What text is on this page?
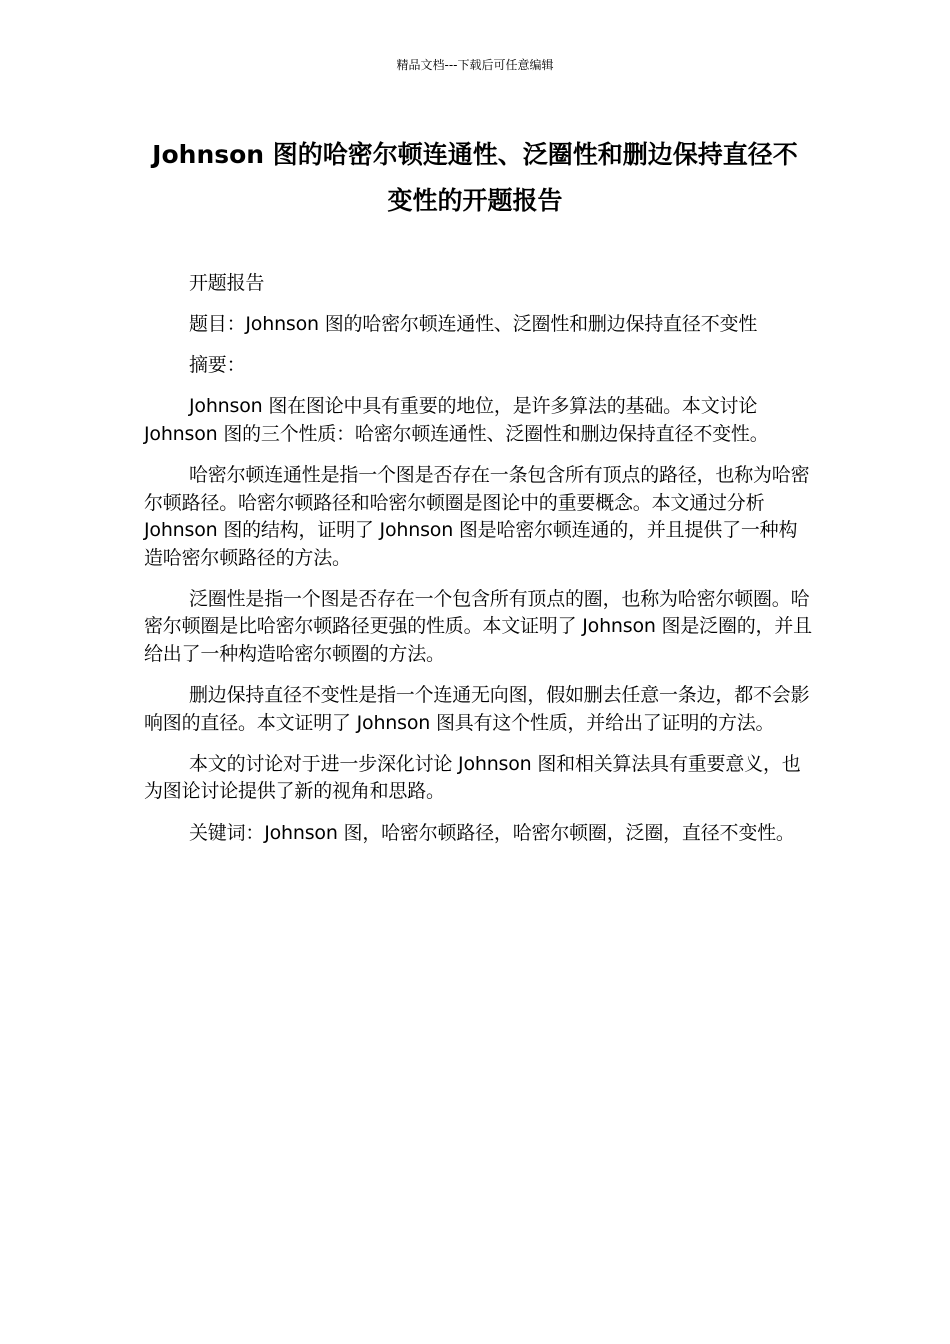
精品文档---下载后可任意编辑
Johnson 图的哈密尔顿连通性、泛圈性和删边保持直径不变性的开题报告

开题报告

题目：Johnson 图的哈密尔顿连通性、泛圈性和删边保持直径不变性

摘要：

Johnson 图在图论中具有重要的地位，是许多算法的基础。本文讨论 Johnson 图的三个性质：哈密尔顿连通性、泛圈性和删边保持直径不变性。

哈密尔顿连通性是指一个图是否存在一条包含所有顶点的路径，也称为哈密尔顿路径。哈密尔顿路径和哈密尔顿圈是图论中的重要概念。本文通过分析 Johnson 图的结构，证明了 Johnson 图是哈密尔顿连通的，并且提供了一种构造哈密尔顿路径的方法。

泛圈性是指一个图是否存在一个包含所有顶点的圈，也称为哈密尔顿圈。哈密尔顿圈是比哈密尔顿路径更强的性质。本文证明了 Johnson 图是泛圈的，并且给出了一种构造哈密尔顿圈的方法。

删边保持直径不变性是指一个连通无向图，假如删去任意一条边，都不会影响图的直径。本文证明了 Johnson 图具有这个性质，并给出了证明的方法。

本文的讨论对于进一步深化讨论 Johnson 图和相关算法具有重要意义，也为图论讨论提供了新的视角和思路。

关键词：Johnson 图，哈密尔顿路径，哈密尔顿圈，泛圈，直径不变性。
